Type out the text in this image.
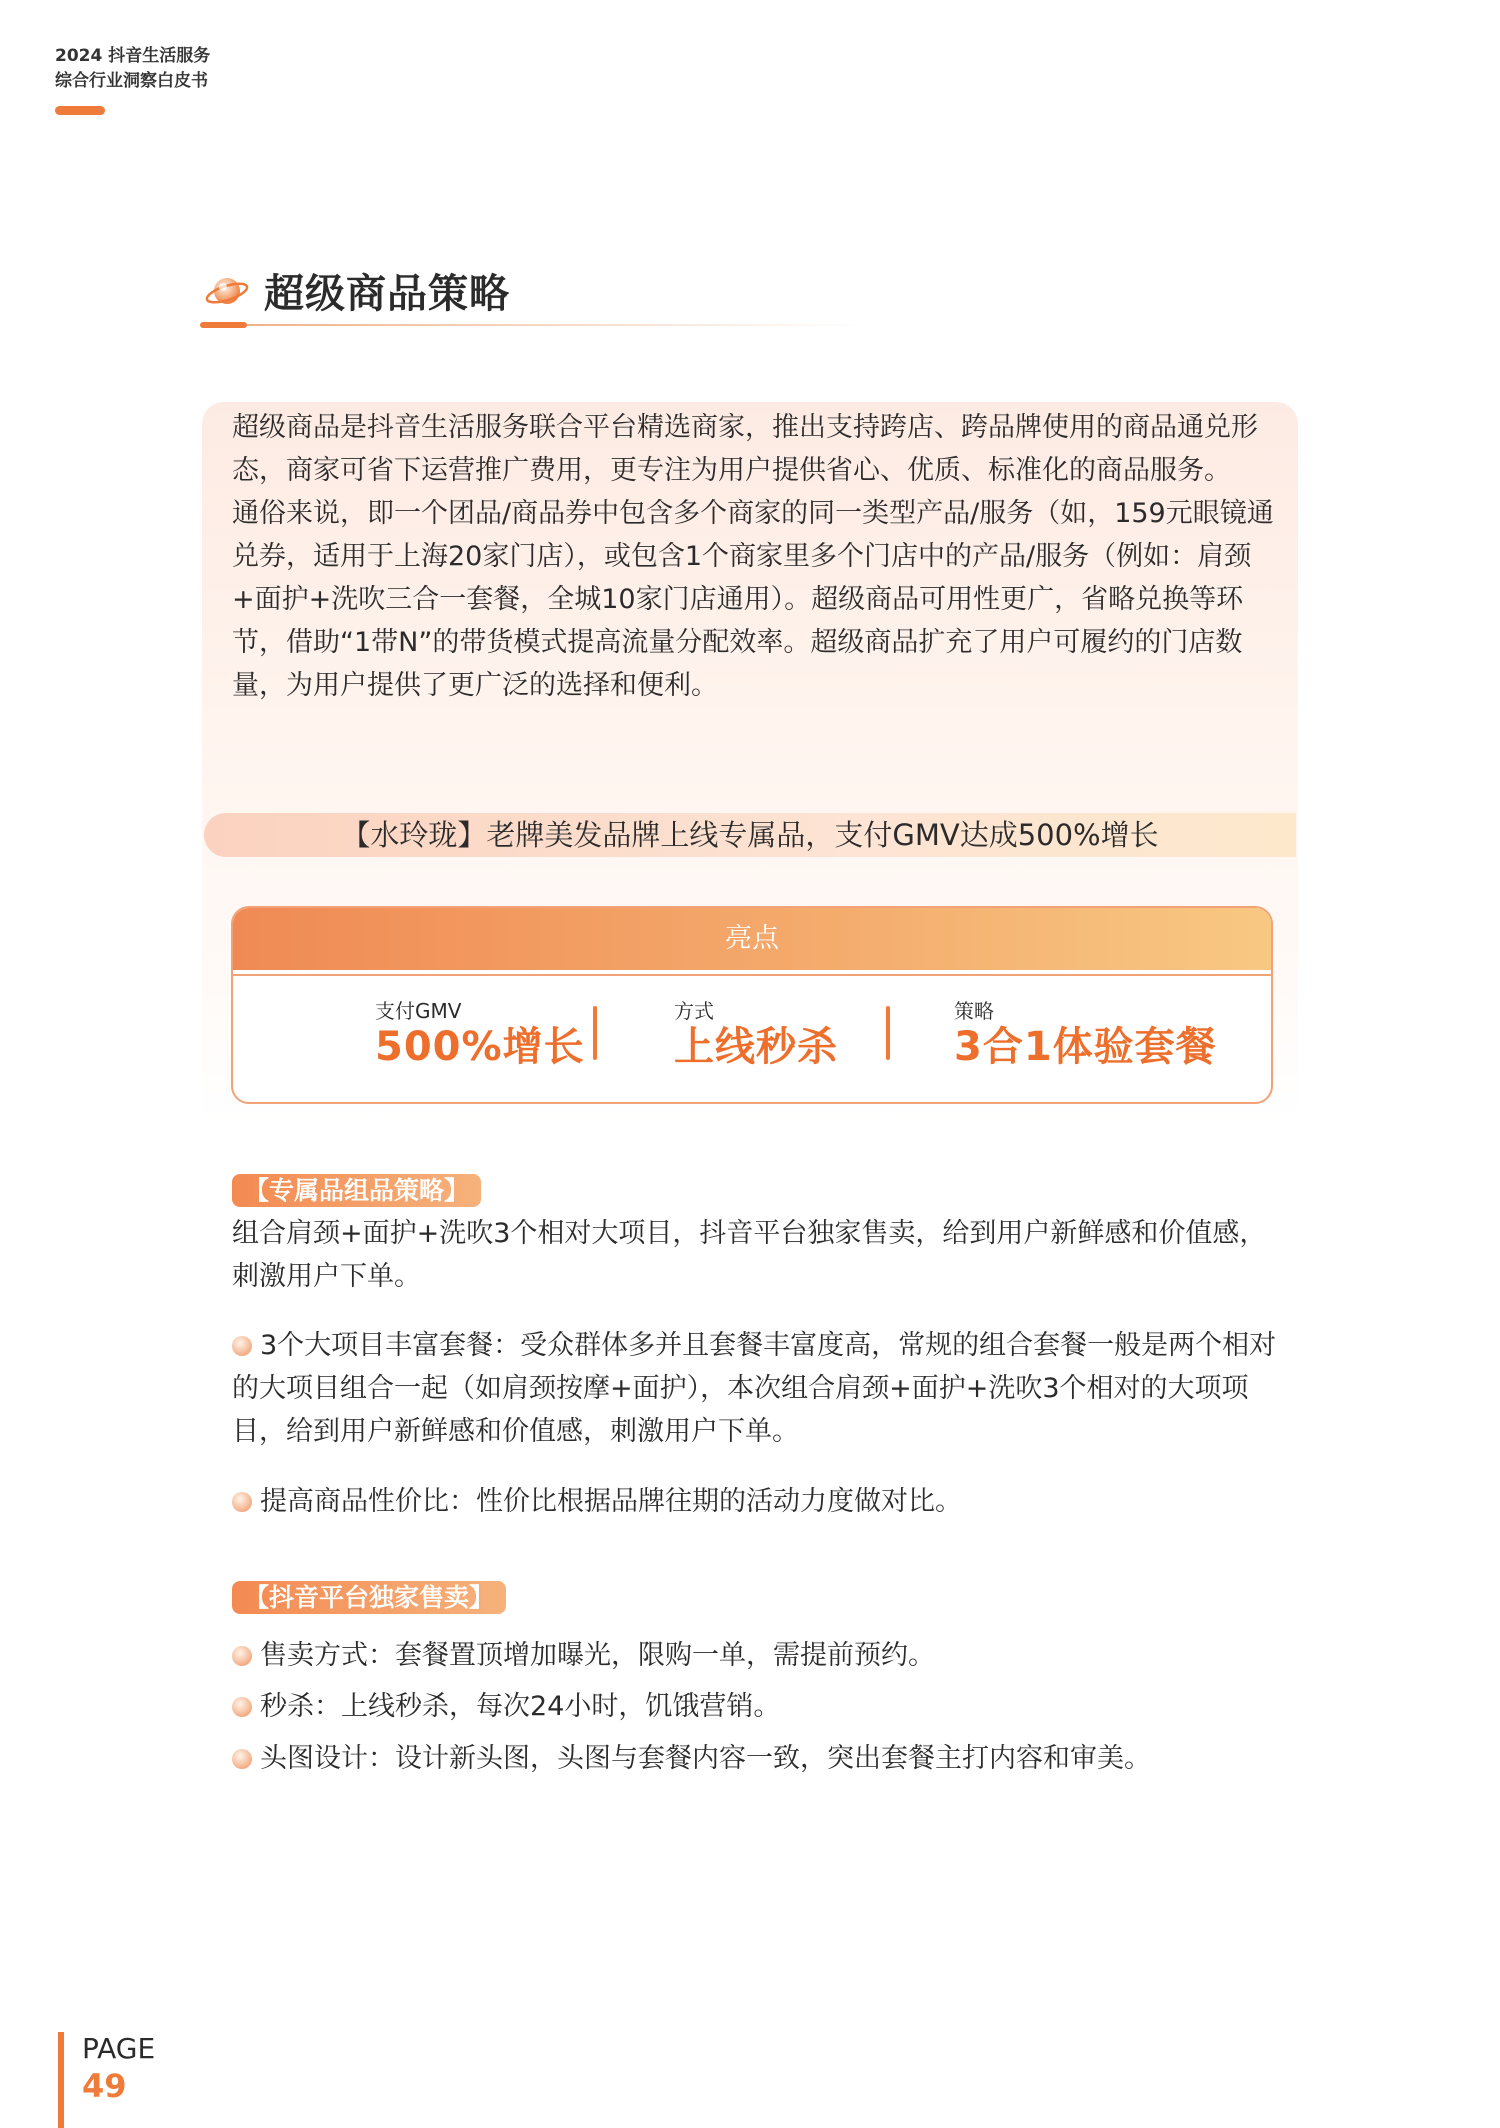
2024 抖音生活服务
综合行业洞察白皮书
超级商品策略

超级商品是抖音生活服务联合平台精选商家，推出支持跨店、跨品牌使用的商品通兑形态，商家可省下运营推广费用，更专注为用户提供省心、优质、标准化的商品服务。

通俗来说，即一个团品/商品券中包含多个商家的同一类型产品/服务（如，159元眼镜通兑券，适用于上海20家门店），或包含1个商家里多个门店中的产品/服务（例如：肩颈+面护+洗吹三合一套餐，全城10家门店通用）。超级商品可用性更广，省略兑换等环节，借助“1带N”的带货模式提高流量分配效率。超级商品扩充了用户可履约的门店数量，为用户提供了更广泛的选择和便利。

【水玲珑】老牌美发品牌上线专属品，支付GMV达成500%增长
亮点
支付GMV
500%增长
方式
上线秒杀
策略
3合1体验套餐
【专属品组品策略】
组合肩颈+面护+洗吹3个相对大项目，抖音平台独家售卖，给到用户新鲜感和价值感，刺激用户下单。
3个大项目丰富套餐：受众群体多并且套餐丰富度高，常规的组合套餐一般是两个相对的大项目组合一起（如肩颈按摩+面护），本次组合肩颈+面护+洗吹3个相对的大项项目，给到用户新鲜感和价值感，刺激用户下单。
提高商品性价比：性价比根据品牌往期的活动力度做对比。
【抖音平台独家售卖】
售卖方式：套餐置顶增加曝光，限购一单，需提前预约。
秒杀：上线秒杀，每次24小时，饥饿营销。
头图设计：设计新头图，头图与套餐内容一致，突出套餐主打内容和审美。
PAGE
49
